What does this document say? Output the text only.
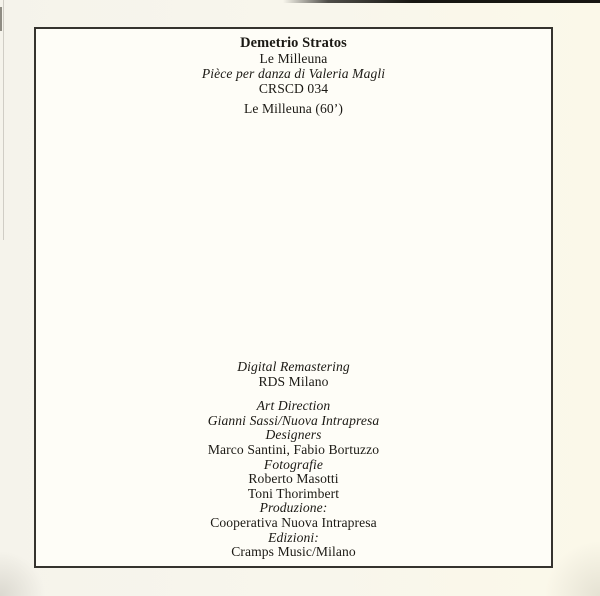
Demetrio Stratos
Le Milleuna
Pièce per danza di Valeria Magli
CRSCD 034
Le Milleuna (60’)
Digital Remastering
RDS Milano
Art Direction
Gianni Sassi/Nuova Intrapresa
Designers
Marco Santini, Fabio Bortuzzo
Fotografie
Roberto Masotti
Toni Thorimbert
Produzione:
Cooperativa Nuova Intrapresa
Edizioni:
Cramps Music/Milano
